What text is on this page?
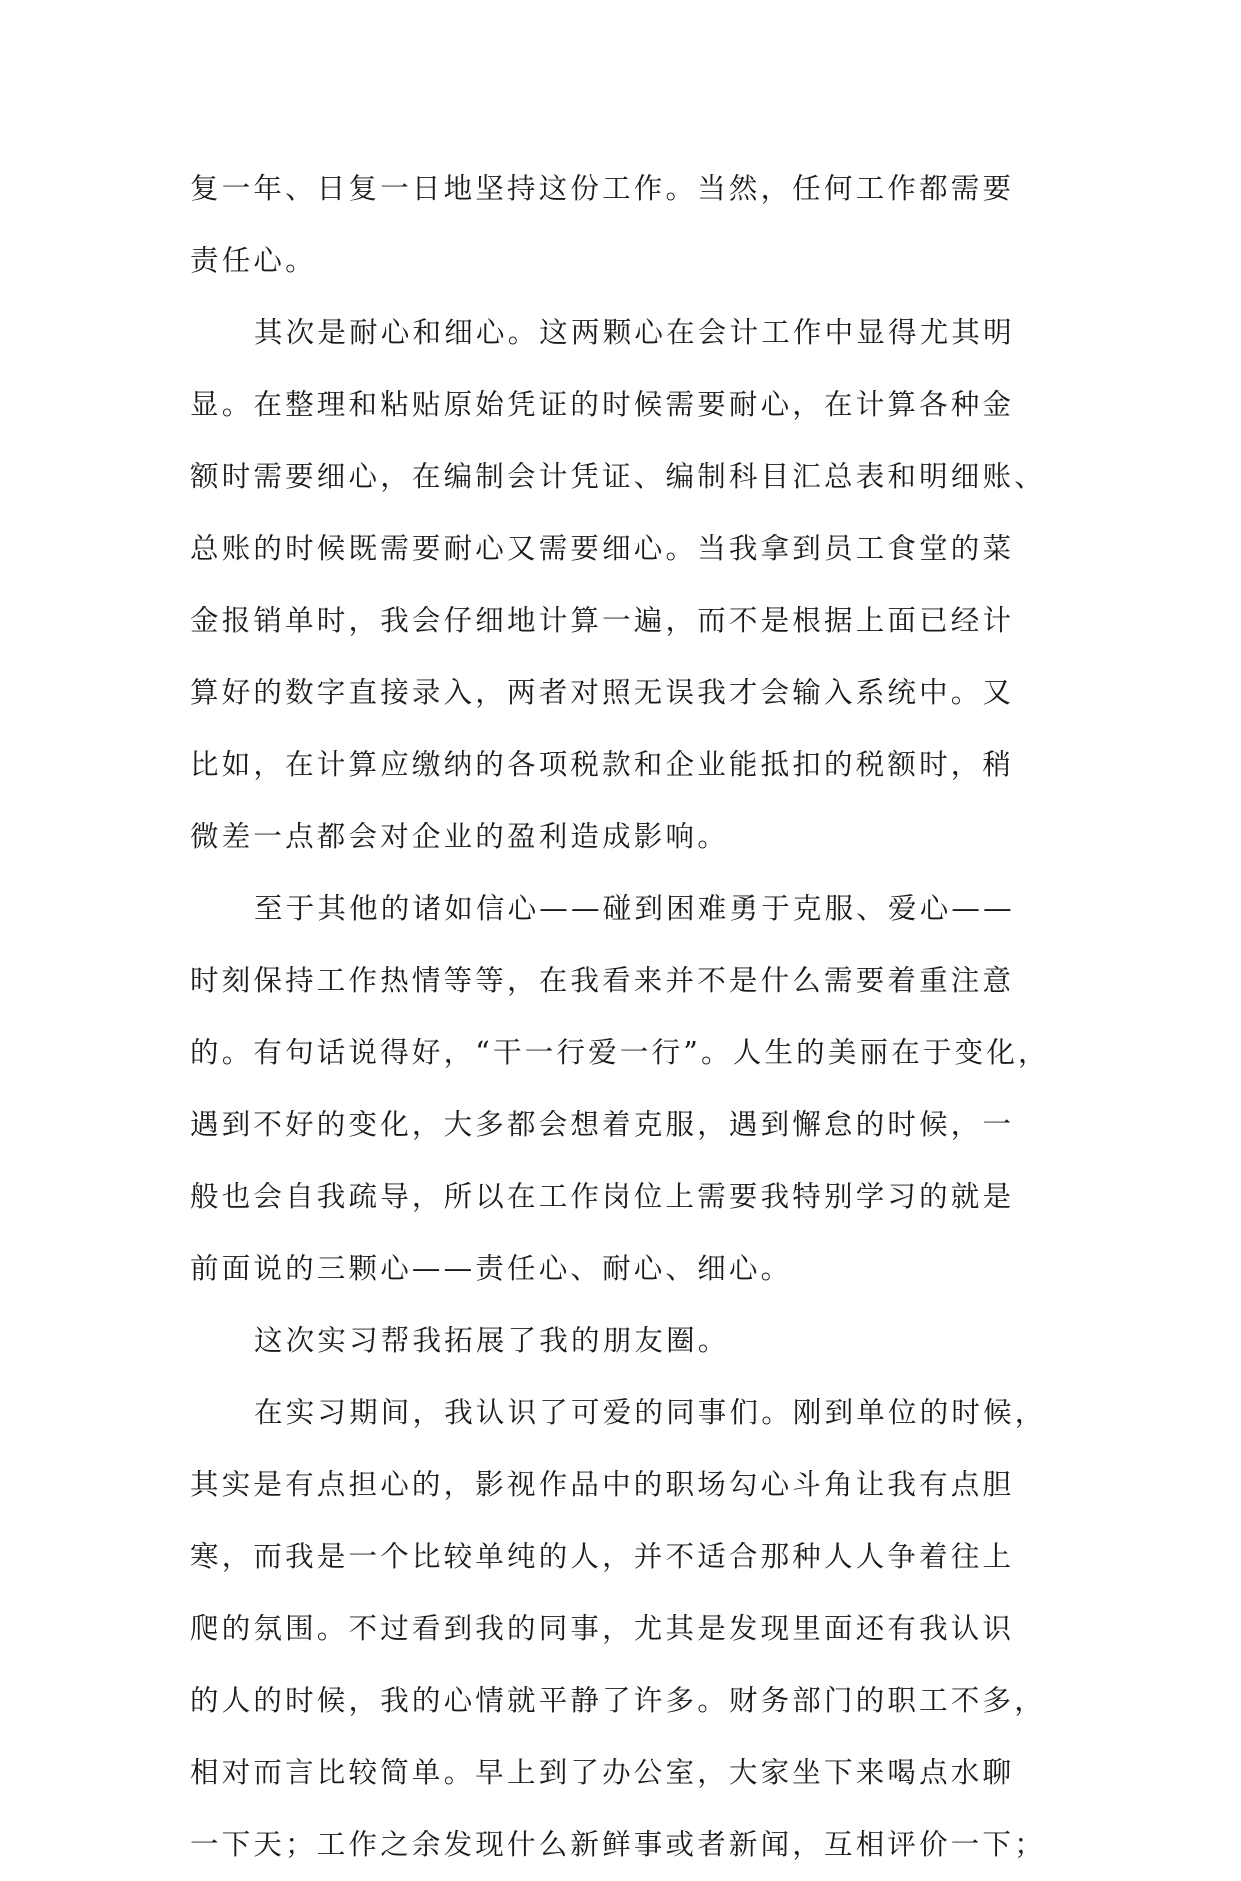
复一年、日复一日地坚持这份工作。当然，任何工作都需要
责任心。
其次是耐心和细心。这两颗心在会计工作中显得尤其明
显。在整理和粘贴原始凭证的时候需要耐心，在计算各种金
额时需要细心，在编制会计凭证、编制科目汇总表和明细账、
总账的时候既需要耐心又需要细心。当我拿到员工食堂的菜
金报销单时，我会仔细地计算一遍，而不是根据上面已经计
算好的数字直接录入，两者对照无误我才会输入系统中。又
比如，在计算应缴纳的各项税款和企业能抵扣的税额时，稍
微差一点都会对企业的盈利造成影响。
至于其他的诸如信心——碰到困难勇于克服、爱心——
时刻保持工作热情等等，在我看来并不是什么需要着重注意
的。有句话说得好，“干一行爱一行”。人生的美丽在于变化，
遇到不好的变化，大多都会想着克服，遇到懈怠的时候，一
般也会自我疏导，所以在工作岗位上需要我特别学习的就是
前面说的三颗心——责任心、耐心、细心。
这次实习帮我拓展了我的朋友圈。
在实习期间，我认识了可爱的同事们。刚到单位的时候，
其实是有点担心的，影视作品中的职场勾心斗角让我有点胆
寒，而我是一个比较单纯的人，并不适合那种人人争着往上
爬的氛围。不过看到我的同事，尤其是发现里面还有我认识
的人的时候，我的心情就平静了许多。财务部门的职工不多，
相对而言比较简单。早上到了办公室，大家坐下来喝点水聊
一下天；工作之余发现什么新鲜事或者新闻，互相评价一下；
